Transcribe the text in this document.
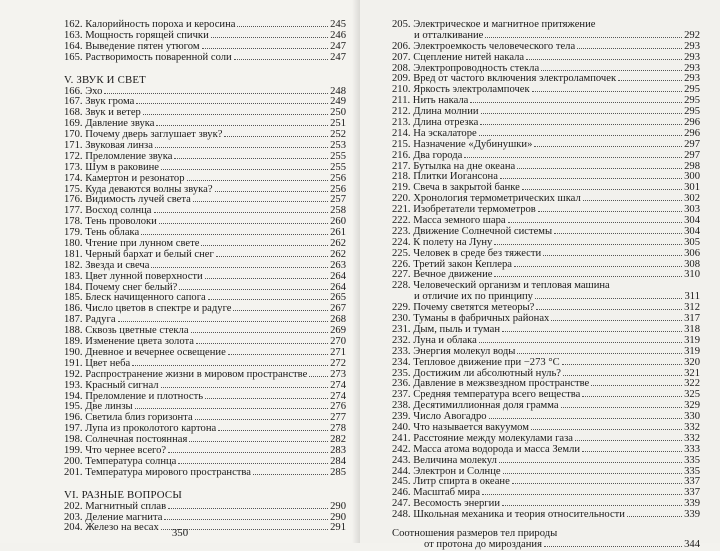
162. Калорийность пороха и керосина	245
163. Мощность горящей спички	246
164. Выведение пятен утюгом	247
165. Растворимость поваренной соли	247
V. ЗВУК И СВЕТ
166. Эхо	248
167. Звук грома	249
168. Звук и ветер	250
169. Давление звука	251
170. Почему дверь заглушает звук?	252
171. Звуковая линза	253
172. Преломление звука	255
173. Шум в раковине	255
174. Камертон и резонатор	256
175. Куда деваются волны звука?	256
176. Видимость лучей света	257
177. Восход солнца	258
178. Тень проволоки	260
179. Тень облака	261
180. Чтение при лунном свете	262
181. Черный бархат и белый снег	262
182. Звезда и свеча	263
183. Цвет лунной поверхности	264
184. Почему снег белый?	264
185. Блеск начищенного сапога	265
186. Число цветов в спектре и радуге	267
187. Радуга	268
188. Сквозь цветные стекла	269
189. Изменение цвета золота	270
190. Дневное и вечернее освещение	271
191. Цвет неба	272
192. Распространение жизни в мировом пространстве 273
193. Красный сигнал	274
194. Преломление и плотность	274
195. Две линзы	276
196. Светила близ горизонта	277
197. Лупа из проколотого картона	278
198. Солнечная постоянная	282
199. Что чернее всего?	283
200. Температура солнца	284
201. Температура мирового пространства	285
VI. РАЗНЫЕ ВОПРОСЫ
202. Магнитный сплав	290
203. Деление магнита	290
204. Железо на весах	291
350
205. Электрическое и магнитное притяжение
и отталкивание	292
206. Электроемкость человеческого тела	293
207. Сцепление нитей накала	293
208. Электропроводность стекла	293
209. Вред от частого включения электролампочек	293
210. Яркость электролампочек	295
211. Нить накала	295
212. Длина молнии	295
213. Длина отрезка	296
214. На эскалаторе	296
215. Назначение «Дубинушки»	297
216. Два города	297
217. Бутылка на дне океана	298
218. Плитки Иогансона	300
219. Свеча в закрытой банке	301
220. Хронология термометрических шкал	302
221. Изобретатели термометров	303
222. Масса земного шара	304
223. Движение Солнечной системы	304
224. К полету на Луну	305
225. Человек в среде без тяжести	306
226. Третий закон Кеплера	308
227. Вечное движение	310
228. Человеческий организм и тепловая машина
и отличие их по принципу	311
229. Почему светятся метеоры?	312
230. Туманы в фабричных районах	317
231. Дым, пыль и туман	318
232. Луна и облака	319
233. Энергия молекул воды	319
234. Тепловое движение при −273 °С	320
235. Достижим ли абсолютный нуль?	321
236. Давление в межзвездном пространстве	322
237. Средняя температура всего вещества	325
238. Десятимиллионная доля грамма	329
239. Число Авогадро	330
240. Что называется вакуумом	332
241. Расстояние между молекулами газа	332
242. Масса атома водорода и масса Земли	333
243. Величина молекул	335
244. Электрон и Солнце	335
245. Литр спирта в океане	337
246. Масштаб мира	337
247. Весомость энергии	339
248. Школьная механика и теория относительности	339
Соотношения размеров тел природы
от протона до мироздания	344
